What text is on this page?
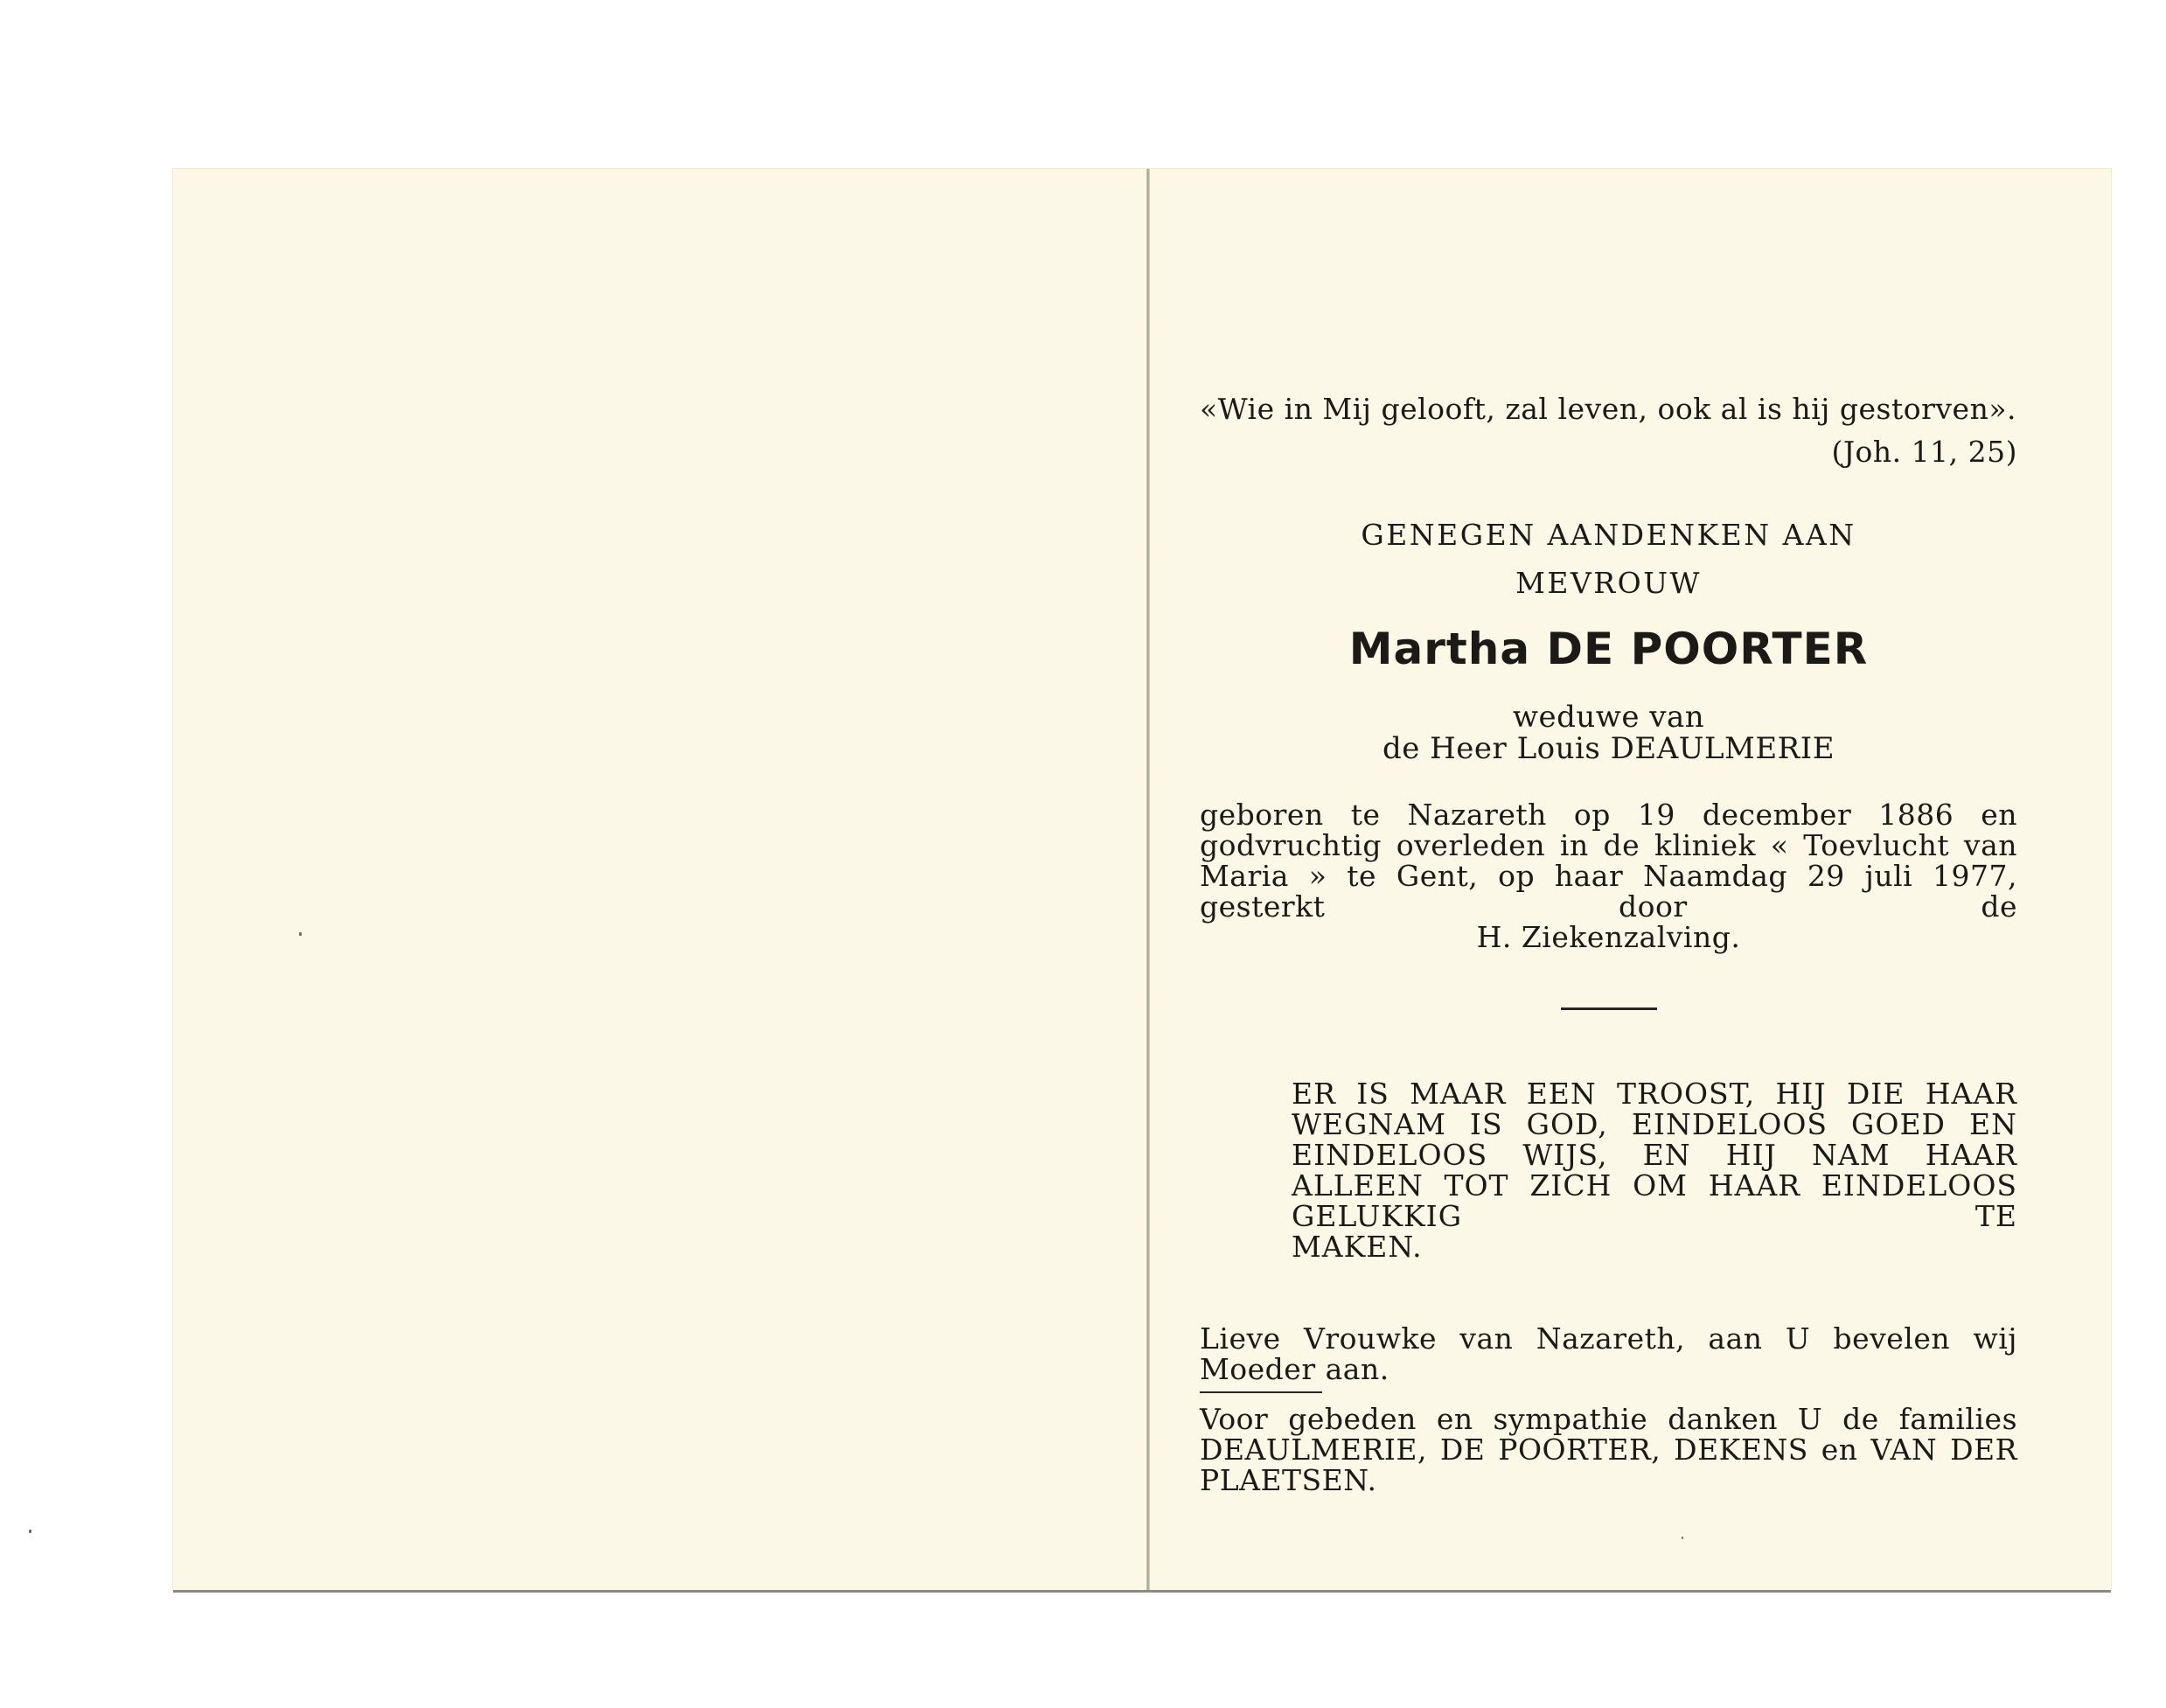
«Wie in Mij gelooft, zal leven, ook al is hij gestorven».
(Joh. 11, 25)
GENEGEN AANDENKEN AAN
MEVROUW
Martha DE POORTER
weduwe van
de Heer Louis DEAULMERIE
geboren te Nazareth op 19 december 1886 en godvruchtig overleden in de kliniek « Toevlucht van Maria » te Gent, op haar Naamdag 29 juli 1977, gesterkt door de
H. Ziekenzalving.
ER IS MAAR EEN TROOST, HIJ DIE HAAR WEGNAM IS GOD, EINDELOOS GOED EN EINDELOOS WIJS, EN HIJ NAM HAAR ALLEEN TOT ZICH OM HAAR EINDELOOS GELUKKIG TE
MAKEN.
Lieve Vrouwke van Nazareth, aan U bevelen wij Moeder aan.
Voor gebeden en sympathie danken U de families DEAULMERIE, DE POORTER, DEKENS en VAN DER PLAETSEN.
